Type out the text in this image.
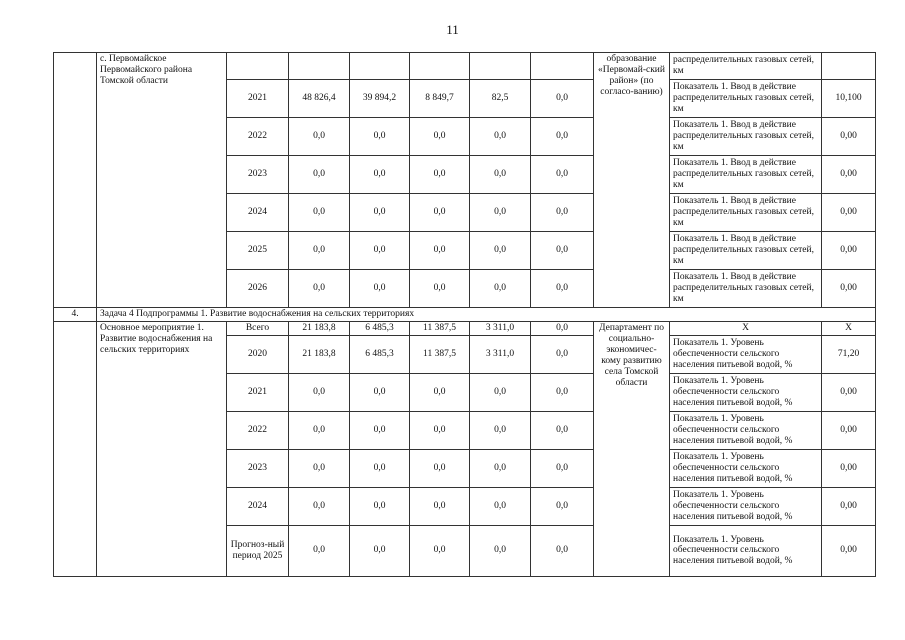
11
	с. Первомайское Первомайского района Томской области							образование «Первомай-ский район» (по согласо-ванию)	распределительных газовых сетей, км	
		2021	48 826,4	39 894,2	8 849,7	82,5	0,0		Показатель 1. Ввод в действие распределительных газовых сетей, км	10,100
		2022	0,0	0,0	0,0	0,0	0,0		Показатель 1. Ввод в действие распределительных газовых сетей, км	0,00
		2023	0,0	0,0	0,0	0,0	0,0		Показатель 1. Ввод в действие распределительных газовых сетей, км	0,00
		2024	0,0	0,0	0,0	0,0	0,0		Показатель 1. Ввод в действие распределительных газовых сетей, км	0,00
		2025	0,0	0,0	0,0	0,0	0,0		Показатель 1. Ввод в действие распределительных газовых сетей, км	0,00
		2026	0,0	0,0	0,0	0,0	0,0		Показатель 1. Ввод в действие распределительных газовых сетей, км	0,00
4.	Задача 4 Подпрограммы 1. Развитие водоснабжения на сельских территориях									
	Основное мероприятие 1. Развитие водоснабжения на сельских территориях	Всего	21 183,8	6 485,3	11 387,5	3 311,0	0,0	Департамент по социально-экономичес-кому развитию села Томской области	Х	Х
		2020	21 183,8	6 485,3	11 387,5	3 311,0	0,0		Показатель 1. Уровень обеспеченности сельского населения питьевой водой, %	71,20
		2021	0,0	0,0	0,0	0,0	0,0		Показатель 1. Уровень обеспеченности сельского населения питьевой водой, %	0,00
		2022	0,0	0,0	0,0	0,0	0,0		Показатель 1. Уровень обеспеченности сельского населения питьевой водой, %	0,00
		2023	0,0	0,0	0,0	0,0	0,0		Показатель 1. Уровень обеспеченности сельского населения питьевой водой, %	0,00
		2024	0,0	0,0	0,0	0,0	0,0		Показатель 1. Уровень обеспеченности сельского населения питьевой водой, %	0,00
		Прогноз-ный период 2025	0,0	0,0	0,0	0,0	0,0		Показатель 1. Уровень обеспеченности сельского населения питьевой водой, %	0,00
